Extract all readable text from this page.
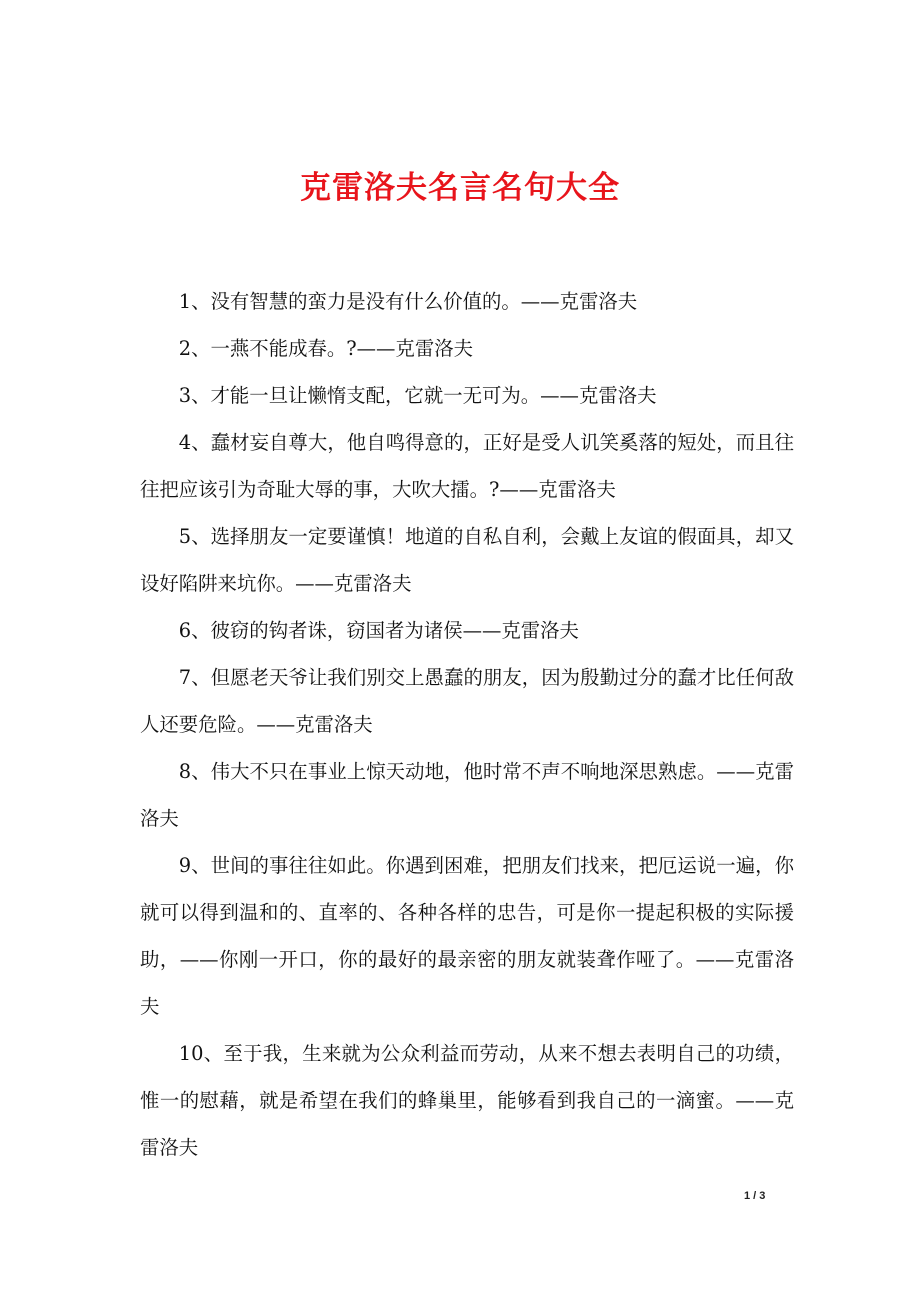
克雷洛夫名言名句大全

1、没有智慧的蛮力是没有什么价值的。——克雷洛夫

2、一燕不能成春。?——克雷洛夫

3、才能一旦让懒惰支配，它就一无可为。——克雷洛夫

4、蠢材妄自尊大，他自鸣得意的，正好是受人讥笑奚落的短处，而且往往把应该引为奇耻大辱的事，大吹大擂。?——克雷洛夫

5、选择朋友一定要谨慎！地道的自私自利，会戴上友谊的假面具，却又设好陷阱来坑你。——克雷洛夫

6、彼窃的钩者诛，窃国者为诸侯——克雷洛夫

7、但愿老天爷让我们别交上愚蠢的朋友，因为殷勤过分的蠢才比任何敌人还要危险。——克雷洛夫

8、伟大不只在事业上惊天动地，他时常不声不响地深思熟虑。——克雷洛夫

9、世间的事往往如此。你遇到困难，把朋友们找来，把厄运说一遍，你就可以得到温和的、直率的、各种各样的忠告，可是你一提起积极的实际援助，——你刚一开口，你的最好的最亲密的朋友就装聋作哑了。——克雷洛夫

10、至于我，生来就为公众利益而劳动，从来不想去表明自己的功绩，惟一的慰藉，就是希望在我们的蜂巢里，能够看到我自己的一滴蜜。——克雷洛夫

1 / 3
